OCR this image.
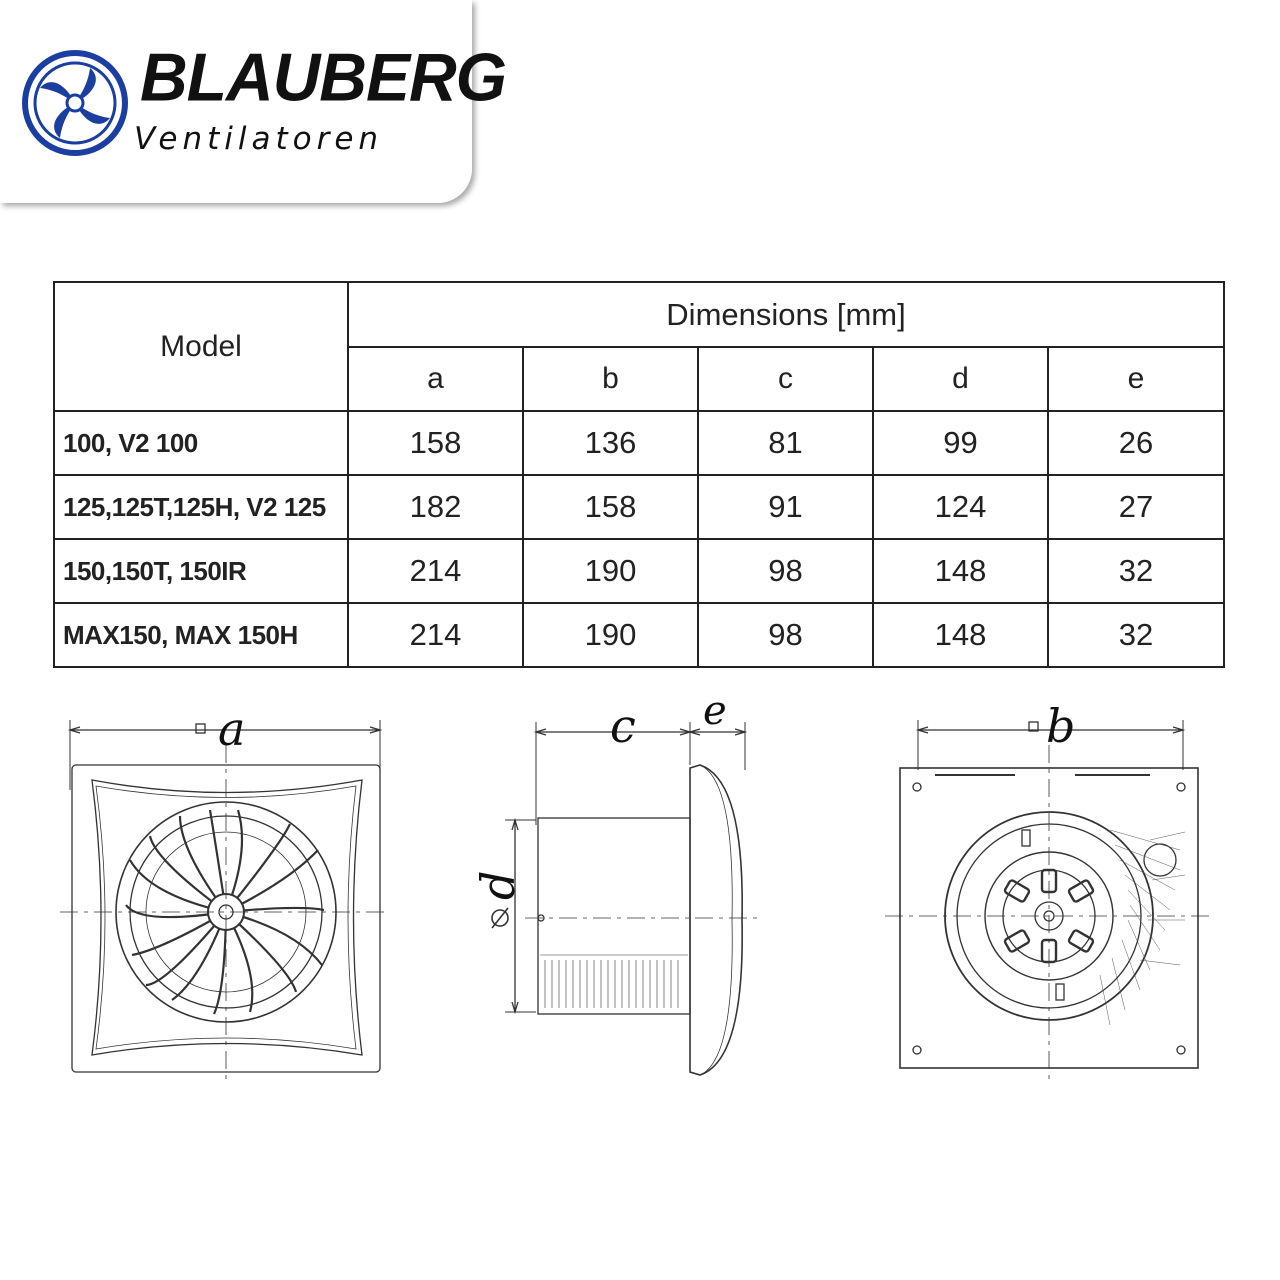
BLAUBERG
Ventilatoren
Model	Dimensions [mm]				
	a	b	c	d	e
100, V2 100	158	136	81	99	26
125,125T,125H, V2 125	182	158	91	124	27
150,150T, 150IR	214	190	98	148	32
MAX150, MAX 150H	214	190	98	148	32
a	c e
d
b
